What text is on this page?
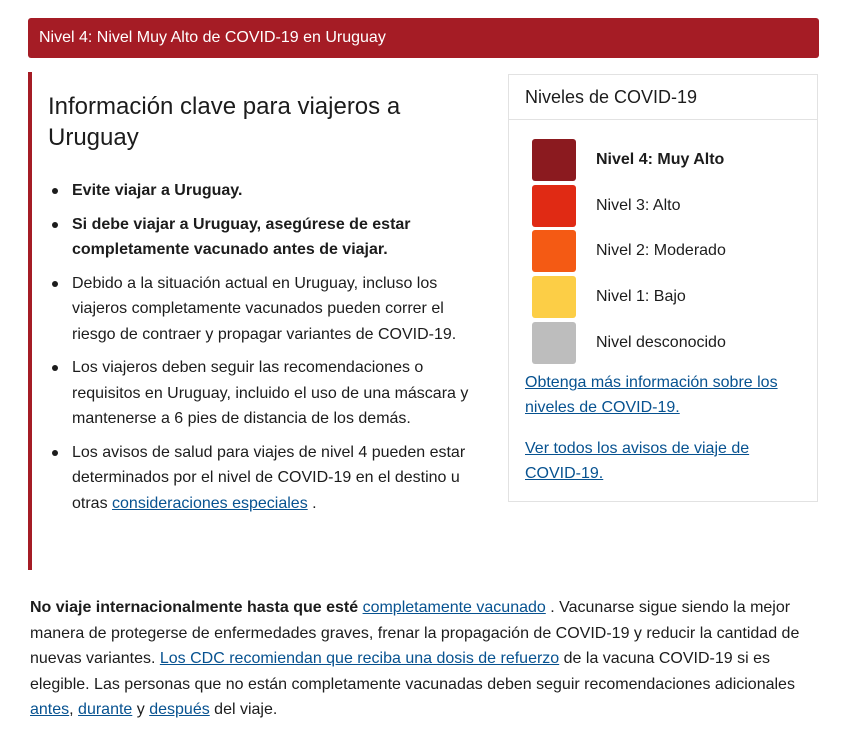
Nivel 4: Nivel Muy Alto de COVID-19 en Uruguay
Información clave para viajeros a Uruguay
Evite viajar a Uruguay.
Si debe viajar a Uruguay, asegúrese de estar completamente vacunado antes de viajar.
Debido a la situación actual en Uruguay, incluso los viajeros completamente vacunados pueden correr el riesgo de contraer y propagar variantes de COVID-19.
Los viajeros deben seguir las recomendaciones o requisitos en Uruguay, incluido el uso de una máscara y mantenerse a 6 pies de distancia de los demás.
Los avisos de salud para viajes de nivel 4 pueden estar determinados por el nivel de COVID-19 en el destino u otras consideraciones especiales .
Niveles de COVID-19
Nivel 4: Muy Alto
Nivel 3: Alto
Nivel 2: Moderado
Nivel 1: Bajo
Nivel desconocido
Obtenga más información sobre los niveles de COVID-19.
Ver todos los avisos de viaje de COVID-19.

No viaje internacionalmente hasta que esté completamente vacunado . Vacunarse sigue siendo la mejor manera de protegerse de enfermedades graves, frenar la propagación de COVID-19 y reducir la cantidad de nuevas variantes. Los CDC recomiendan que reciba una dosis de refuerzo de la vacuna COVID-19 si es elegible. Las personas que no están completamente vacunadas deben seguir recomendaciones adicionales antes, durante y después del viaje.
